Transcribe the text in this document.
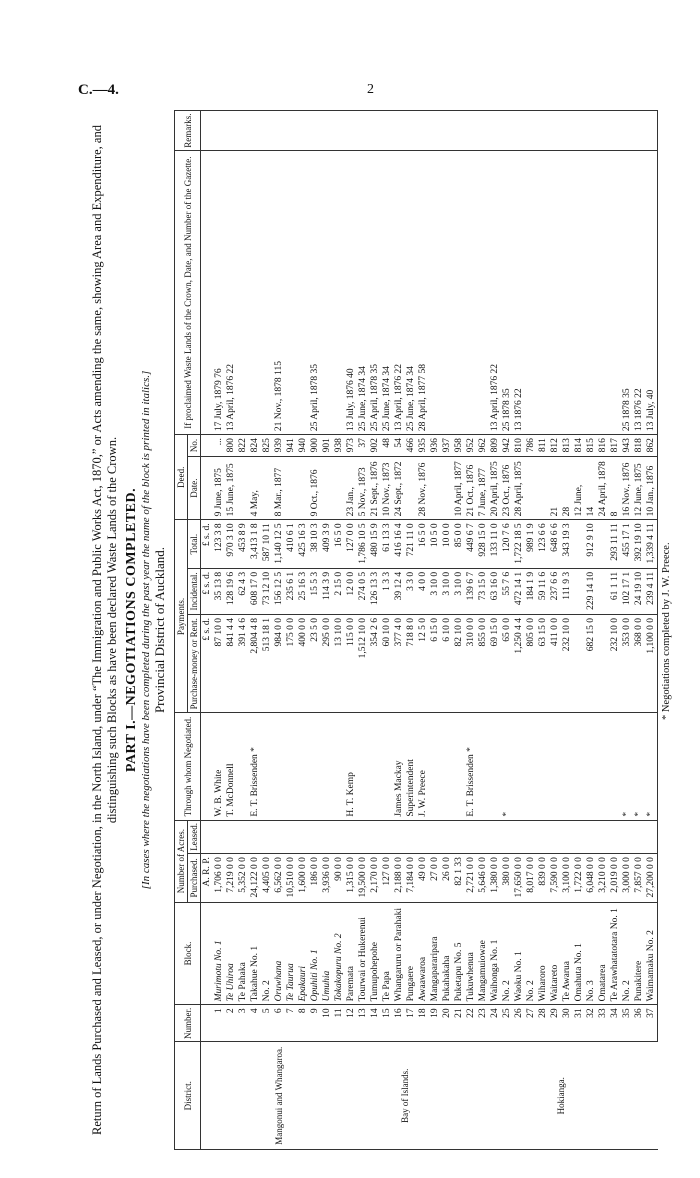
C.—4.	2
Return of Lands Purchased and Leased, or under Negotiation, in the North Island, under “The Immigration and Public Works Act, 1870,” or Acts amending the same, showing Area and Expenditure, and distinguishing such Blocks as have been declared Waste Lands of the Crown. PART I.—NEGOTIATIONS COMPLETED. [In cases where the negotiations have been completed during the past year the name of the block is printed in italics.] Provincial District of Auckland.
District.	Number.	Block.	Number of Acres.		Through whom Negotiated.	Payments.			Deed.		If proclaimed Waste Lands of the Crown, Date, and Number of the Gazette.	Remarks.
			Purchased.	Leased.		Purchase-money or Rent.	Incidental.	Total.	Date.	No.		
			A. R. P.			£ s. d.	£ s. d.	£ s. d.				
Mangonui and Whangaroa.	1	Murimotu No. 1	1,706 0 0		W. B. White	87 10 0	35 13 8	123 3 8	9 June, 1875	...	17 July, 1879 76	
	2	Te Uhiroa	7,219 0 0		T. McDonnell	841 4 4	128 19 6	970 3 10	15 June, 1875	800	13 April, 1876 22	
	3	Te Pahaka	5,352 0 0			391 4 6	62 4 3	453 8 9		822		
	4	Takahue No. 1	24,122 0 0		E. T. Brissenden *	2,804 4 8	608 17 0	3,413 1 8	4 May,	824		
	5	No. 2	4,405 0 0			513 18 1	73 12 10	587 10 11		825		
	6	Oruwhana	6,562 0 0			984 0 0	156 12 5	1,140 12 5	8 Mar., 1877	939	21 Nov., 1878 115	
	7	Te Taurua	10,510 0 0			175 0 0	235 6 1	410 6 1		941		
	8	Epakauri	1,600 0 0			400 0 0	25 16 3	425 16 3		940		
	9	Opuhiti No. 1	186 0 0			23 5 0	15 5 3	38 10 3	9 Oct., 1876	900	25 April, 1878 35	
	10	Umuhia	3,936 0 0			295 0 0	114 3 9	409 3 9		901		
	11	Tokakopuru No. 2	90 0 0			13 10 0	2 15 0	16 5 0		938		
Bay of Islands.	12	Paremata	1,315 0 0		H. T. Kemp	115 0 0	12 0 0	127 0 0	23 Jan.,	973	13 July, 1876 40	
	13	Tourwai or Hukerenui	19,500 0 0			1,512 10 0	274 0 5	1,786 10 5	5 Nov., 1873	37	25 June, 1874 34	
	14	Tumupohepohe	2,170 0 0			354 2 6	126 13 3	480 15 9	21 Sept., 1876	902	25 April, 1878 35	
	15	Te Papa	127 0 0			60 10 0	1 3 3	61 13 3	10 Nov., 1873	48	25 June, 1874 34	
	16	Whangaruru or Parahaki	2,188 0 0		James Mackay	377 4 0	39 12 4	416 16 4	24 Sept., 1872	54	13 April, 1876 22	
	17	Pungaere	7,184 0 0		Superintendent	718 8 0	3 3 0	721 11 0		466	25 June, 1874 34	
	18	Awaawaroa	49 0 0		J. W. Preece	12 5 0	4 0 0	16 5 0	28 Nov., 1876	935	28 April, 1877 58	
	19	Mangapararipara	27 0 0			6 15 0	3 10 0	10 5 0		936		
	20	Pukahakaha	26 0 0			6 10 0	3 10 0	10 0 0		937		
	21	Puketapu No. 5	82 1 33			82 10 0	3 10 0	85 0 0	10 April, 1877	958		
Hokianga.	22	Tukuwhenua	2,721 0 0		E. T. Brissenden *	310 0 0	139 6 7	449 6 7	21 Oct., 1876	952		
	23	Mangamuiowae	5,646 0 0			855 0 0	73 15 0	928 15 0	7 June, 1877	962		
	24	Waihonga No. 1	1,380 0 0			69 15 0	63 16 0	133 11 0	20 April, 1875	809	13 April, 1876 22	
	25	No. 2	380 0 0		*	65 0 0	55 7 6	120 7 6	23 Oct., 1876	942	25 1878 35	
	26	Waoku No. 1	17,650 0 0			1,250 4 4	472 14 1	1,722 18 5	28 April, 1875	810	13 1876 22	
	27	No. 2	8,017 0 0			805 0 0	184 1 9	989 1 9		786		
	28	Wiharoro	839 0 0			63 15 0	59 11 6	123 6 6		811		
	29	Waitareto	7,590 0 0			411 0 0	237 6 6	648 6 6	21	812		
	30	Te Awarua	3,100 0 0			232 10 0	111 9 3	343 19 3	28	813		
	31	Omahuta No. 1	1,722 0 0						12 June,	814		
	32	No. 3	6,048 0 0			682 15 0	229 14 10	912 9 10	14	815		
	33	Omatarea	3,210 0 0						24 April, 1878	816		
	34	Te Arawhatatotara No. 1	2,019 0 0			232 10 0	61 1 11	293 11 11	8	817		
	35	No. 2	3,000 0 0		*	353 0 0	102 17 1	455 17 1	16 Nov., 1876	943	25 1878 35	
	36	Punakitere	7,857 0 0		*	368 0 0	24 19 10	392 19 10	12 June, 1875	818	13 1876 22	
	37	Waimamaku No. 2	27,200 0 0		*	1,100 0 0	239 4 11	1,339 4 11	10 Jan., 1876	862	13 July, 40	
* Negotiations completed by J. W. Preece.
